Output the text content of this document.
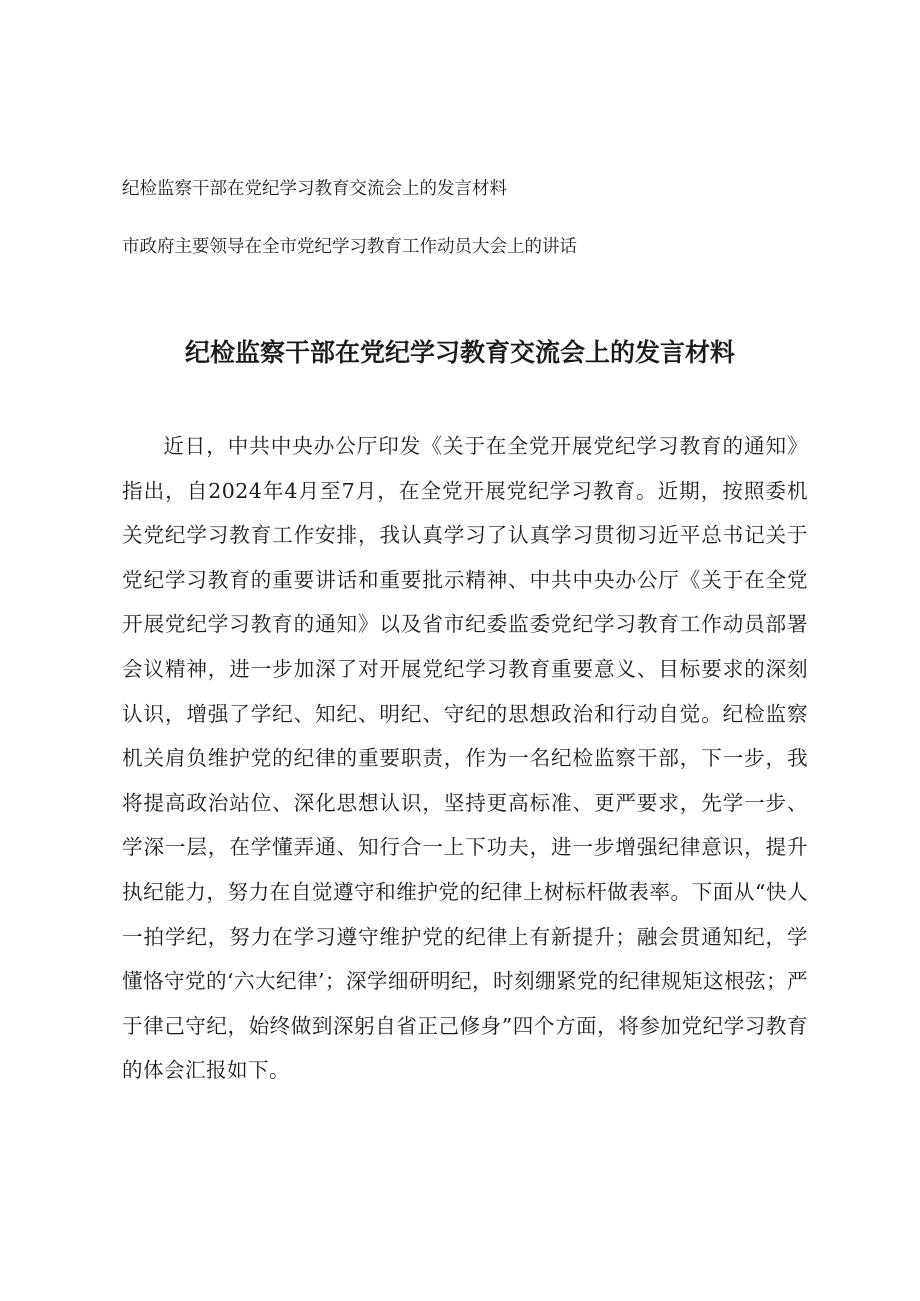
纪检监察干部在党纪学习教育交流会上的发言材料

市政府主要领导在全市党纪学习教育工作动员大会上的讲话

纪检监察干部在党纪学习教育交流会上的发言材料

近日，中共中央办公厅印发《关于在全党开展党纪学习教育的通知》指出，自2024年4月至7月，在全党开展党纪学习教育。近期，按照委机关党纪学习教育工作安排，我认真学习了认真学习贯彻习近平总书记关于党纪学习教育的重要讲话和重要批示精神、中共中央办公厅《关于在全党开展党纪学习教育的通知》以及省市纪委监委党纪学习教育工作动员部署会议精神，进一步加深了对开展党纪学习教育重要意义、目标要求的深刻认识，增强了学纪、知纪、明纪、守纪的思想政治和行动自觉。纪检监察机关肩负维护党的纪律的重要职责，作为一名纪检监察干部，下一步，我将提高政治站位、深化思想认识，坚持更高标准、更严要求，先学一步、学深一层，在学懂弄通、知行合一上下功夫，进一步增强纪律意识，提升执纪能力，努力在自觉遵守和维护党的纪律上树标杆做表率。下面从“快人一拍学纪，努力在学习遵守维护党的纪律上有新提升；融会贯通知纪，学懂恪守党的‘六大纪律’；深学细研明纪，时刻绷紧党的纪律规矩这根弦；严于律己守纪，始终做到深躬自省正己修身”四个方面，将参加党纪学习教育的体会汇报如下。
